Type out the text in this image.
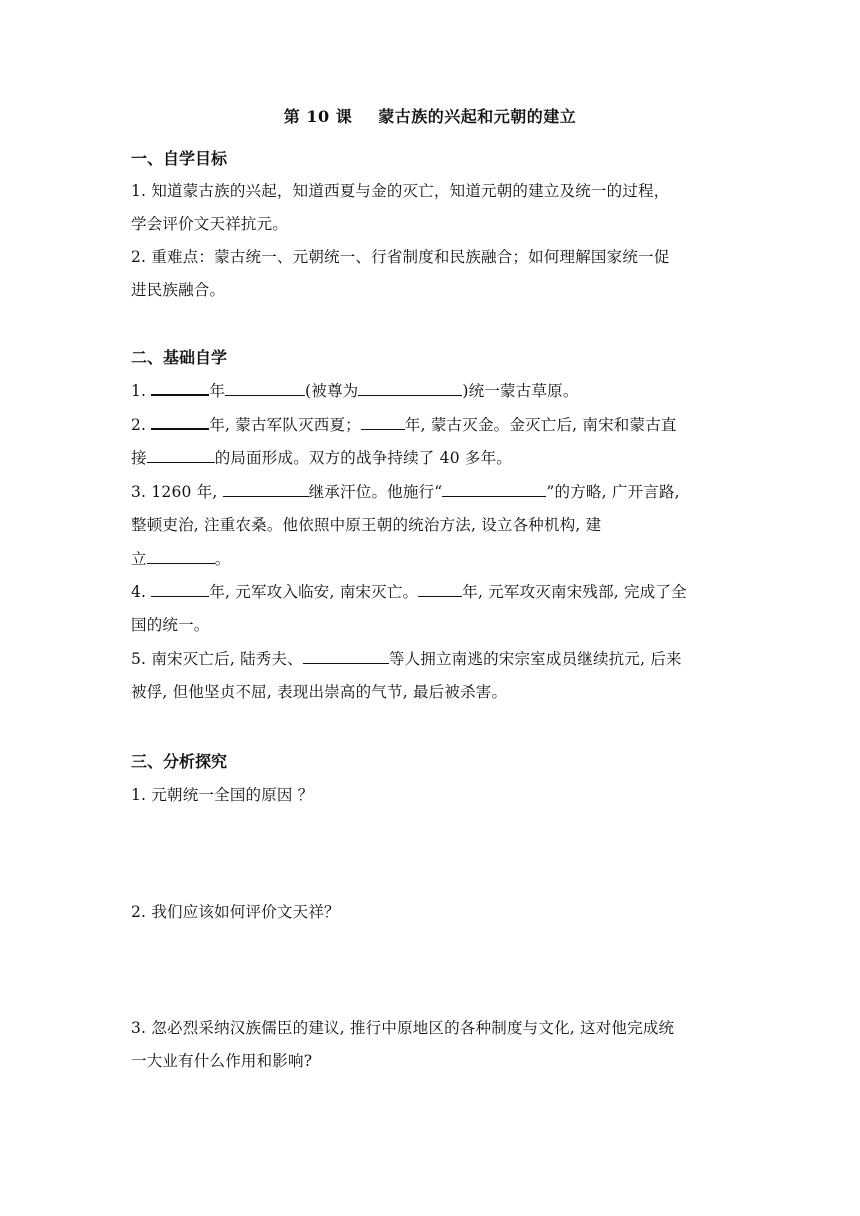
第 10 课 蒙古族的兴起和元朝的建立
一、自学目标
1. 知道蒙古族的兴起，知道西夏与金的灭亡，知道元朝的建立及统一的过程，
学会评价文天祥抗元。
2. 重难点：蒙古统一、元朝统一、行省制度和民族融合；如何理解国家统一促
进民族融合。
二、基础自学
1.	年	(被尊为	)统一蒙古草原。
2.	年, 蒙古军队灭西夏；	年, 蒙古灭金。金灭亡后, 南宋和蒙古直
接	的局面形成。双方的战争持续了 40 多年。
3. 1260 年,	继承汗位。他施行“	”的方略, 广开言路,
整顿吏治, 注重农桑。他依照中原王朝的统治方法, 设立各种机构, 建
立	。
4.	年, 元军攻入临安, 南宋灭亡。	年, 元军攻灭南宋残部, 完成了全
国的统一。
5. 南宋灭亡后, 陆秀夫、	等人拥立南逃的宋宗室成员继续抗元, 后来
被俘, 但他坚贞不屈, 表现出崇高的气节, 最后被杀害。
三、分析探究
1. 元朝统一全国的原因 ？
2. 我们应该如何评价文天祥？
3. 忽必烈采纳汉族儒臣的建议, 推行中原地区的各种制度与文化, 这对他完成统
一大业有什么作用和影响?
